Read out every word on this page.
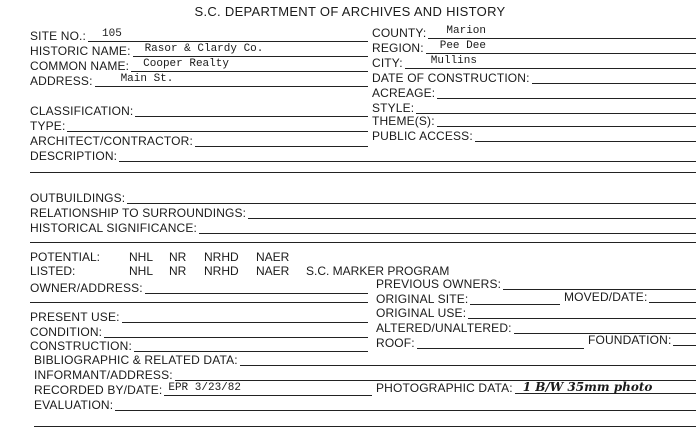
S.C. DEPARTMENT OF ARCHIVES AND HISTORY
SITE NO.: 105
HISTORIC NAME: Rasor & Clardy Co.
COMMON NAME: Cooper Realty
ADDRESS:	Main St.
COUNTY: Marion
REGION: Pee Dee
CITY:	Mullins
DATE OF CONSTRUCTION:
ACREAGE:
CLASSIFICATION:	STYLE:
TYPE:	THEME(S):
ARCHITECT/CONTRACTOR:	PUBLIC ACCESS:
DESCRIPTION:
OUTBUILDINGS:
RELATIONSHIP TO SURROUNDINGS:
HISTORICAL SIGNIFICANCE:
POTENTIAL: NHL NR NRHD NAER
LISTED:	NHL NR NRHD NAER S.C. MARKER PROGRAM
OWNER/ADDRESS:	PREVIOUS OWNERS:
ORIGINAL SITE:	MOVED/DATE:
PRESENT USE:	ORIGINAL USE:
CONDITION:	ALTERED/UNALTERED:
CONSTRUCTION:	ROOF:	FOUNDATION:
BIBLIOGRAPHIC & RELATED DATA:
INFORMANT/ADDRESS:
RECORDED BY/DATE: EPR 3/23/82	PHOTOGRAPHIC DATA: 1 B/W 35mm photo
EVALUATION:
